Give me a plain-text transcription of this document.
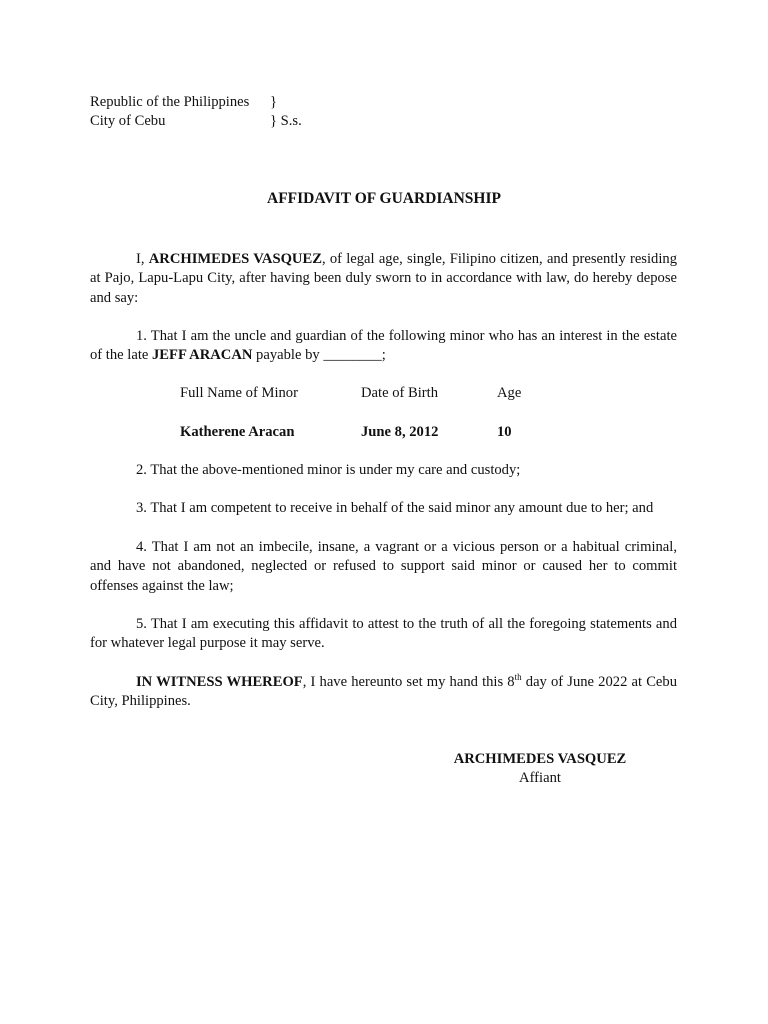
Republic of the Philippines }
City of Cebu	} S.s.
AFFIDAVIT OF GUARDIANSHIP

I, ARCHIMEDES VASQUEZ, of legal age, single, Filipino citizen, and presently residing at Pajo, Lapu-Lapu City, after having been duly sworn to in accordance with law, do hereby depose and say:

1. That I am the uncle and guardian of the following minor who has an interest in the estate of the late JEFF ARACAN payable by ________;

Full Name of Minor	Date of Birth	Age
Katherene Aracan	June 8, 2012	10

2. That the above-mentioned minor is under my care and custody;

3. That I am competent to receive in behalf of the said minor any amount due to her; and

4. That I am not an imbecile, insane, a vagrant or a vicious person or a habitual criminal, and have not abandoned, neglected or refused to support said minor or caused her to commit offenses against the law;

5. That I am executing this affidavit to attest to the truth of all the foregoing statements and for whatever legal purpose it may serve.

IN WITNESS WHEREOF, I have hereunto set my hand this 8th day of June 2022 at Cebu City, Philippines.

ARCHIMEDES VASQUEZ
Affiant
